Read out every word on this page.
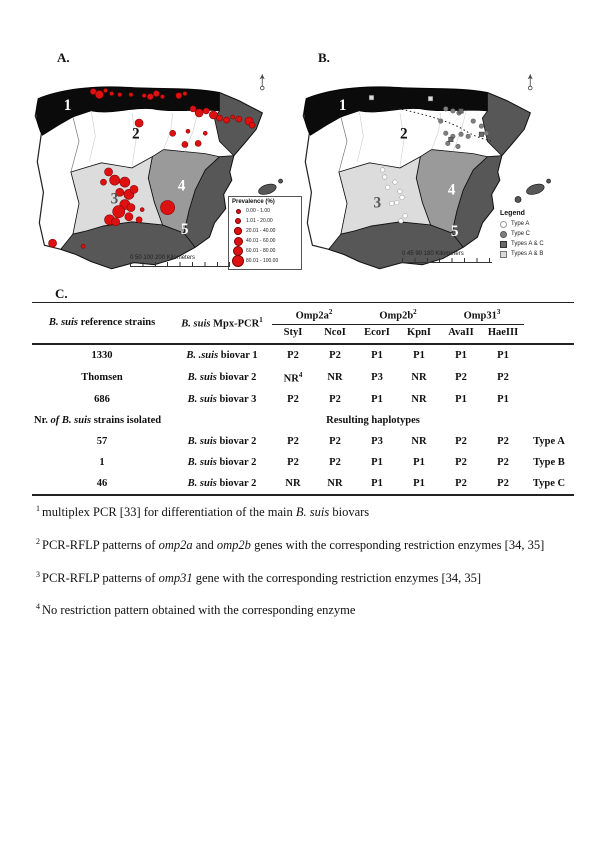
A.	B.
C.
1
2
3
4
5
1
2
3
4
5
Prevalence (%)
0.00 - 1.00
1.01 - 20.00
20.01 - 40.00
40.01 - 60.00
60.01 - 80.00
80.01 - 100.00
Legend
Type A
Type C
Types A & C
Types A & B
0 50 100 200 Kilometers
0 45 90 180 Kilometers
B. suis reference strains	B. suis Mpx-PCR$^1$	$Omp2a^2$		$Omp2b^2$		$Omp31^3$	
		StyI	NcoI	EcorI	KpnI	AvaII	HaeIII	
1330	B. .suis biovar 1	P2	P2	P1	P1	P1	P1	
Thomsen	B. suis biovar 2	$NR^4$	NR	P3	NR	P2	P2	
686	B. suis biovar 3	P2	P2	P1	NR	P1	P1	
Nr. of B. suis strains isolated	Resulting haplotypes							
57	B. suis biovar 2	P2	P2	P3	NR	P2	P2	Type A
1	B. suis biovar 2	P2	P2	P1	P1	P2	P2	Type B
46	B. suis biovar 2	NR	NR	P1	P1	P2	P2	Type C
$^1$ multiplex PCR [33] for differentiation of the main B. suis biovars
$^2$ PCR-RFLP patterns of omp2a and omp2b genes with the corresponding restriction enzymes [34, 35]
$^3$ PCR-RFLP patterns of omp31 gene with the corresponding restriction enzymes [34, 35]
$^4$ No restriction pattern obtained with the corresponding enzyme
